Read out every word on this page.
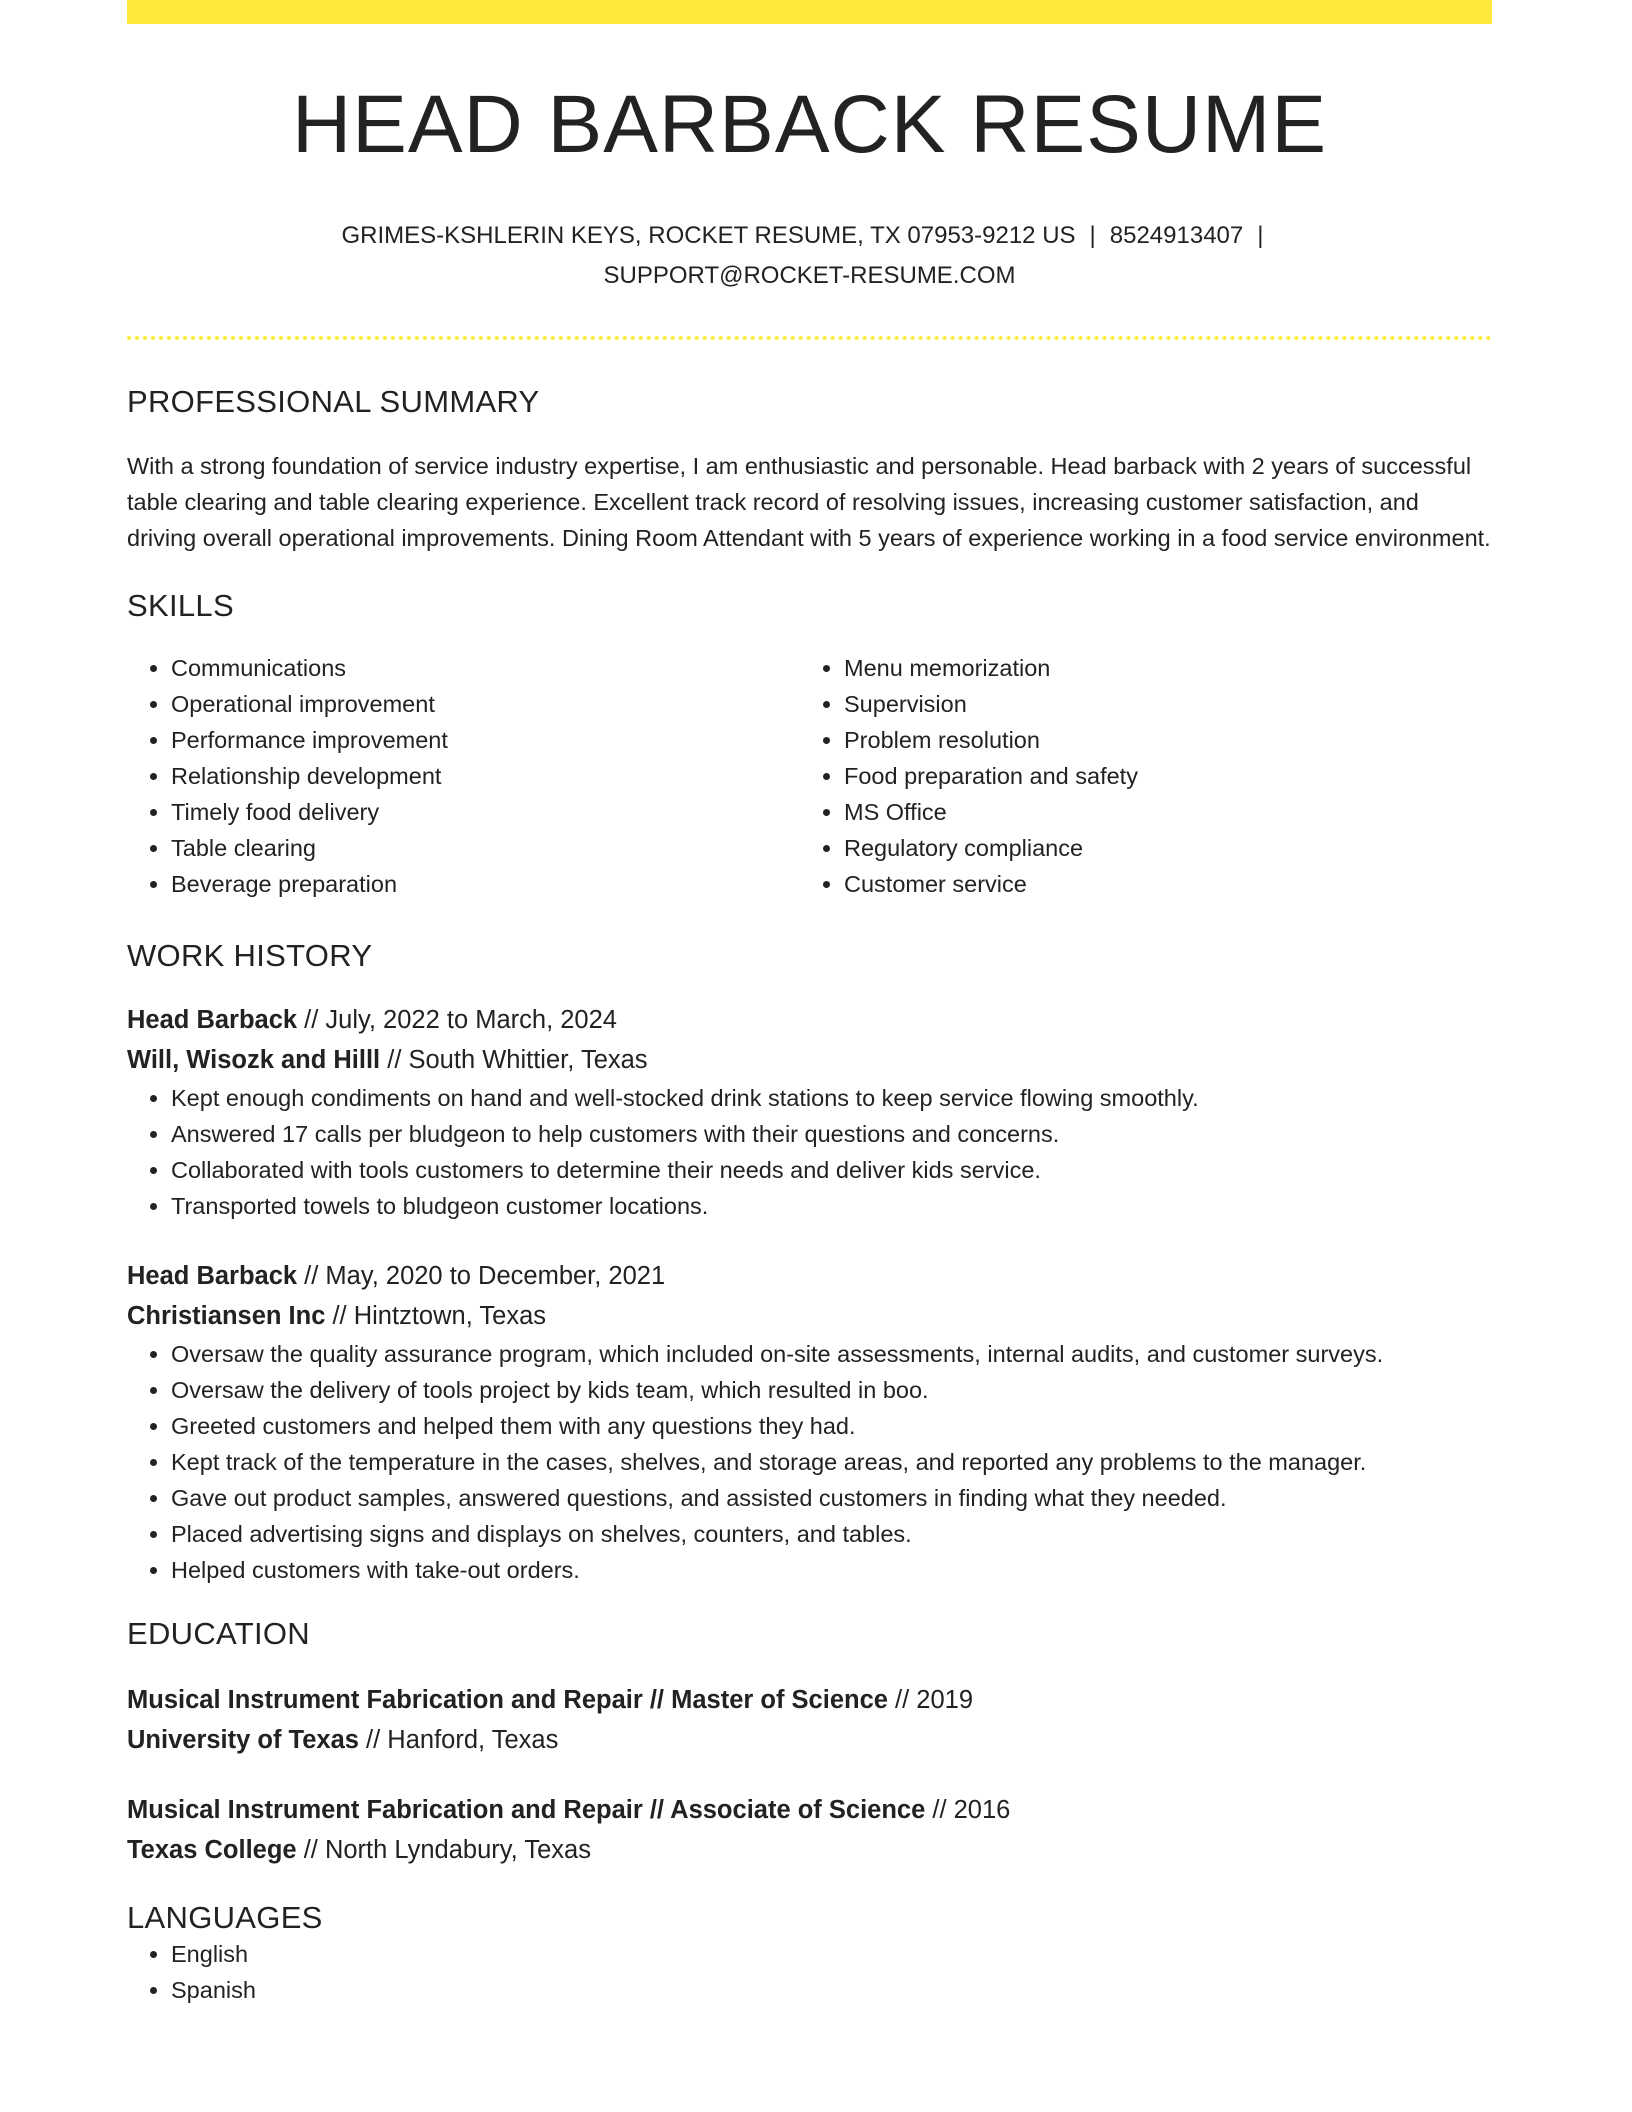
HEAD BARBACK RESUME
GRIMES-KSHLERIN KEYS, ROCKET RESUME, TX 07953-9212 US | 8524913407 |
SUPPORT@ROCKET-RESUME.COM
PROFESSIONAL SUMMARY

With a strong foundation of service industry expertise, I am enthusiastic and personable. Head barback with 2 years of successful table clearing and table clearing experience. Excellent track record of resolving issues, increasing customer satisfaction, and driving overall operational improvements. Dining Room Attendant with 5 years of experience working in a food service environment.

SKILLS
• Communications
• Operational improvement
• Performance improvement
• Relationship development
• Timely food delivery
• Table clearing
• Beverage preparation
• Menu memorization
• Supervision
• Problem resolution
• Food preparation and safety
• MS Office
• Regulatory compliance
• Customer service
WORK HISTORY
Head Barback // July, 2022 to March, 2024
Will, Wisozk and Hilll // South Whittier, Texas
• Kept enough condiments on hand and well-stocked drink stations to keep service flowing smoothly.
• Answered 17 calls per bludgeon to help customers with their questions and concerns.
• Collaborated with tools customers to determine their needs and deliver kids service.
• Transported towels to bludgeon customer locations.
Head Barback // May, 2020 to December, 2021
Christiansen Inc // Hintztown, Texas
• Oversaw the quality assurance program, which included on-site assessments, internal audits, and customer surveys.
• Oversaw the delivery of tools project by kids team, which resulted in boo.
• Greeted customers and helped them with any questions they had.
• Kept track of the temperature in the cases, shelves, and storage areas, and reported any problems to the manager.
• Gave out product samples, answered questions, and assisted customers in finding what they needed.
• Placed advertising signs and displays on shelves, counters, and tables.
• Helped customers with take-out orders.
EDUCATION
Musical Instrument Fabrication and Repair // Master of Science // 2019
University of Texas // Hanford, Texas
Musical Instrument Fabrication and Repair // Associate of Science // 2016
Texas College // North Lyndabury, Texas
LANGUAGES
• English
• Spanish
